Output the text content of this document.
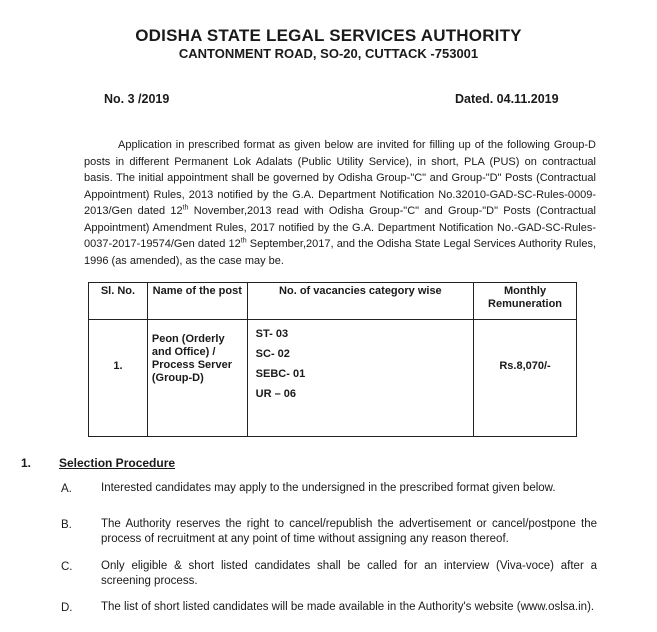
ODISHA STATE LEGAL SERVICES AUTHORITY
CANTONMENT ROAD, SO-20, CUTTACK -753001
No. 3 /2019	Dated. 04.11.2019
Application in prescribed format as given below are invited for filling up of the following Group-D posts in different Permanent Lok Adalats (Public Utility Service), in short, PLA (PUS) on contractual basis. The initial appointment shall be governed by Odisha Group-"C" and Group-"D" Posts (Contractual Appointment) Rules, 2013 notified by the G.A. Department Notification No.32010-GAD-SC-Rules-0009-2013/Gen dated 12th November,2013 read with Odisha Group-"C" and Group-"D" Posts (Contractual Appointment) Amendment Rules, 2017 notified by the G.A. Department Notification No.-GAD-SC-Rules-0037-2017-19574/Gen dated 12th September,2017, and the Odisha State Legal Services Authority Rules, 1996 (as amended), as the case may be.
Sl. No.	Name of the post	No. of vacancies category wise	Monthly Remuneration
1.	Peon (Orderly and Office) / Process Server (Group-D)	ST- 03
SC- 02
SEBC- 01
UR – 06	Rs.8,070/-
1. Selection Procedure
A.	Interested candidates may apply to the undersigned in the prescribed format given below.
B.	The Authority reserves the right to cancel/republish the advertisement or cancel/postpone the process of recruitment at any point of time without assigning any reason thereof.
C. Only eligible & short listed candidates shall be called for an interview (Viva-voce) after a screening process.
D. The list of short listed candidates will be made available in the Authority's website (www.oslsa.in).
